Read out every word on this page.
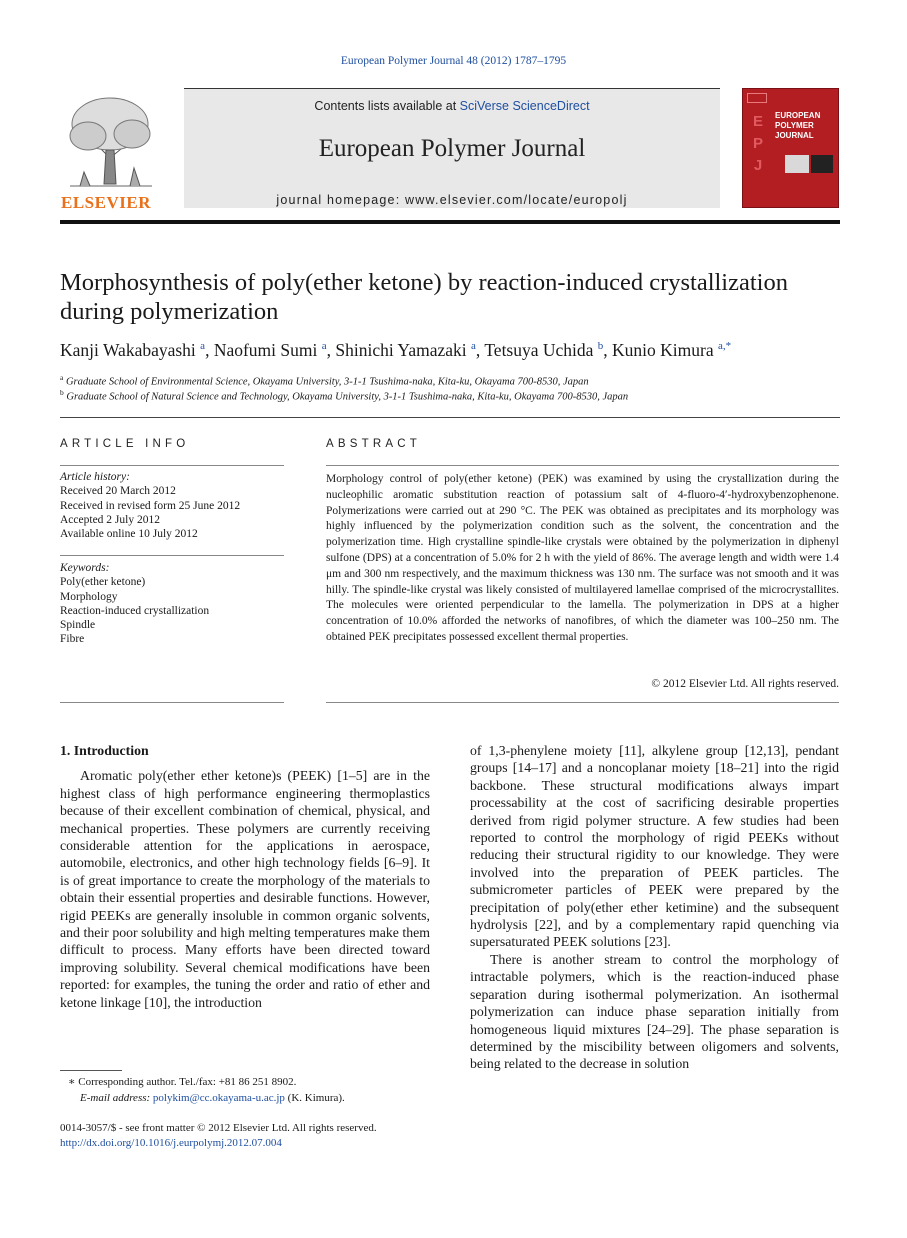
European Polymer Journal 48 (2012) 1787–1795
ELSEVIER
Contents lists available at SciVerse ScienceDirect
European Polymer Journal
journal homepage: www.elsevier.com/locate/europolj
E
P
J
EUROPEAN
POLYMER
JOURNAL
Morphosynthesis of poly(ether ketone) by reaction-induced crystallization during polymerization
Kanji Wakabayashi $^a$, Naofumi Sumi $^a$, Shinichi Yamazaki $^a$, Tetsuya Uchida $^b$, Kunio Kimura $^{a,*}$
$^a$ Graduate School of Environmental Science, Okayama University, 3-1-1 Tsushima-naka, Kita-ku, Okayama 700-8530, Japan
$^b$ Graduate School of Natural Science and Technology, Okayama University, 3-1-1 Tsushima-naka, Kita-ku, Okayama 700-8530, Japan
ARTICLE INFO
Article history:
Received 20 March 2012
Received in revised form 25 June 2012
Accepted 2 July 2012
Available online 10 July 2012
Keywords:
Poly(ether ketone)
Morphology
Reaction-induced crystallization
Spindle
Fibre
ABSTRACT
Morphology control of poly(ether ketone) (PEK) was examined by using the crystallization during the nucleophilic aromatic substitution reaction of potassium salt of 4-fluoro-4′-hydroxybenzophenone. Polymerizations were carried out at 290 °C. The PEK was obtained as precipitates and its morphology was highly influenced by the polymerization condition such as the solvent, the concentration and the polymerization time. High crystalline spindle-like crystals were obtained by the polymerization in diphenyl sulfone (DPS) at a concentration of 5.0% for 2 h with the yield of 86%. The average length and width were 1.4 μm and 300 nm respectively, and the maximum thickness was 130 nm. The surface was not smooth and it was hilly. The spindle-like crystal was likely consisted of multilayered lamellae comprised of the microcrystallites. The molecules were oriented perpendicular to the lamella. The polymerization in DPS at a higher concentration of 10.0% afforded the networks of nanofibres, of which the diameter was 100–250 nm. The obtained PEK precipitates possessed excellent thermal properties.
© 2012 Elsevier Ltd. All rights reserved.
1. Introduction

Aromatic poly(ether ether ketone)s (PEEK) [1–5] are in the highest class of high performance engineering thermoplastics because of their excellent combination of chemical, physical, and mechanical properties. These polymers are currently receiving considerable attention for the applications in aerospace, automobile, electronics, and other high technology fields [6–9]. It is of great importance to create the morphology of the materials to obtain their essential properties and desirable functions. However, rigid PEEKs are generally insoluble in common organic solvents, and their poor solubility and high melting temperatures make them difficult to process. Many efforts have been directed toward improving solubility. Several chemical modifications have been reported: for examples, the tuning the order and ratio of ether and ketone linkage [10], the introduction

of 1,3-phenylene moiety [11], alkylene group [12,13], pendant groups [14–17] and a noncoplanar moiety [18–21] into the rigid backbone. These structural modifications always impart processability at the cost of sacrificing desirable properties derived from rigid polymer structure. A few studies had been reported to control the morphology of rigid PEEKs without reducing their structural rigidity to our knowledge. They were involved into the preparation of PEEK particles. The submicrometer particles of PEEK were prepared by the precipitation of poly(ether ether ketimine) and the subsequent hydrolysis [22], and by a complementary rapid quenching via supersaturated PEEK solutions [23].

There is another stream to control the morphology of intractable polymers, which is the reaction-induced phase separation during isothermal polymerization. An isothermal polymerization can induce phase separation initially from homogeneous liquid mixtures [24–29]. The phase separation is determined by the miscibility between oligomers and solvents, being related to the decrease in solution

∗ Corresponding author. Tel./fax: +81 86 251 8902.
E-mail address: polykim@cc.okayama-u.ac.jp (K. Kimura).
0014-3057/$ - see front matter © 2012 Elsevier Ltd. All rights reserved.
http://dx.doi.org/10.1016/j.eurpolymj.2012.07.004
